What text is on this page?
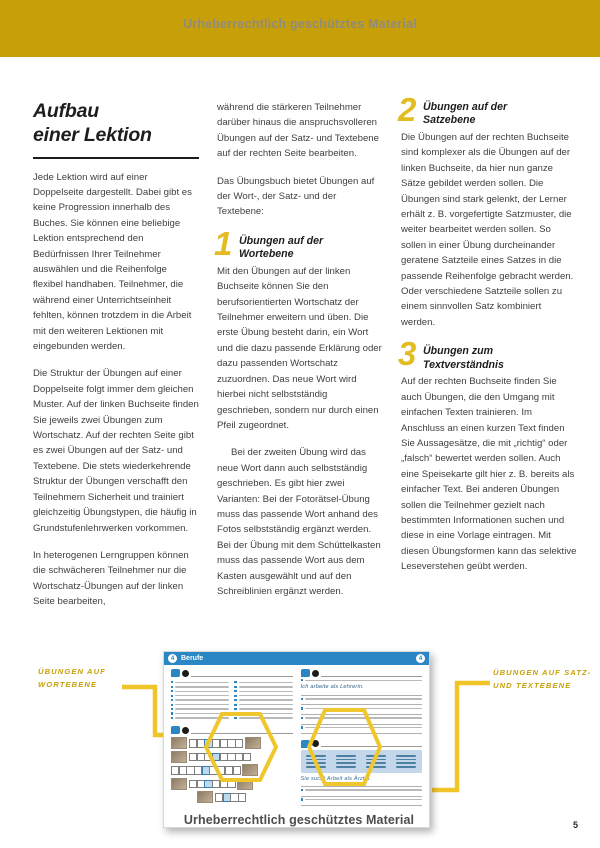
Urheberrechtlich geschütztes Material
Aufbau
einer Lektion

Jede Lektion wird auf einer Doppelseite dargestellt. Dabei gibt es keine Progression innerhalb des Buches. Sie können eine beliebige Lektion entsprechend den Bedürfnissen Ihrer Teilnehmer auswählen und die Reihenfolge flexibel handhaben. Teilnehmer, die während einer Unterrichtseinheit fehlten, können trotzdem in die Arbeit mit den weiteren Lektionen mit eingebunden werden.

Die Struktur der Übungen auf einer Doppelseite folgt immer dem gleichen Muster. Auf der linken Buchseite finden Sie jeweils zwei Übungen zum Wortschatz. Auf der rechten Seite gibt es zwei Übungen auf der Satz- und Textebene. Die stets wiederkehrende Struktur der Übungen verschafft den Teilnehmern Sicherheit und trainiert gleichzeitig Übungstypen, die häufig in Grundstufenlehrwerken vorkommen.

In heterogenen Lerngruppen können die schwächeren Teilnehmer nur die Wortschatz-Übungen auf der linken Seite bearbeiten,

während die stärkeren Teilnehmer darüber hinaus die anspruchsvolleren Übungen auf der Satz- und Textebene auf der rechten Seite bearbeiten.

Das Übungsbuch bietet Übungen auf der Wort-, der Satz- und der Textebene:

1 Übungen auf der
Wortebene

Mit den Übungen auf der linken Buchseite können Sie den berufsorientierten Wortschatz der Teilnehmer erweitern und üben. Die erste Übung besteht darin, ein Wort und die dazu passende Erklärung oder dazu passenden Wortschatz zuzuordnen. Das neue Wort wird hierbei nicht selbstständig geschrieben, sondern nur durch einen Pfeil zugeordnet.

Bei der zweiten Übung wird das neue Wort dann auch selbstständig geschrieben. Es gibt hier zwei Varianten: Bei der Fotorätsel-Übung muss das passende Wort anhand des Fotos selbstständig ergänzt werden. Bei der Übung mit dem Schüttelkasten muss das passende Wort aus dem Kasten ausgewählt und auf den Schreiblinien ergänzt werden.

2 Übungen auf der
Satzebene

Die Übungen auf der rechten Buchseite sind komplexer als die Übungen auf der linken Buchseite, da hier nun ganze Sätze gebildet werden sollen. Die Übungen sind stark gelenkt, der Lerner erhält z. B. vorgefertigte Satzmuster, die weiter bearbeitet werden sollen. So sollen in einer Übung durcheinander geratene Satzteile eines Satzes in die passende Reihenfolge gebracht werden. Oder verschiedene Satzteile sollen zu einem sinnvollen Satz kombiniert werden.

3 Übungen zum
Textverständnis

Auf der rechten Buchseite finden Sie auch Übungen, die den Umgang mit einfachen Texten trainieren. Im Anschluss an einen kurzen Text finden Sie Aussagesätze, die mit „richtig“ oder „falsch“ bewertet werden sollen. Auch eine Speisekarte gilt hier z. B. bereits als einfacher Text. Bei anderen Übungen sollen die Teilnehmer gezielt nach bestimmten Informationen suchen und diese in eine Vorlage eintragen. Mit diesen Übungsformen kann das selektive Leseverstehen geübt werden.

ÜBUNGEN AUF WORTEBENE
ÜBUNGEN AUF SATZ- UND TEXTEBENE
4 Berufe	4
Ich arbeite als Lehrerin.
Sie sucht Arbeit als Ärztin.
Urheberrechtlich geschütztes Material	5
